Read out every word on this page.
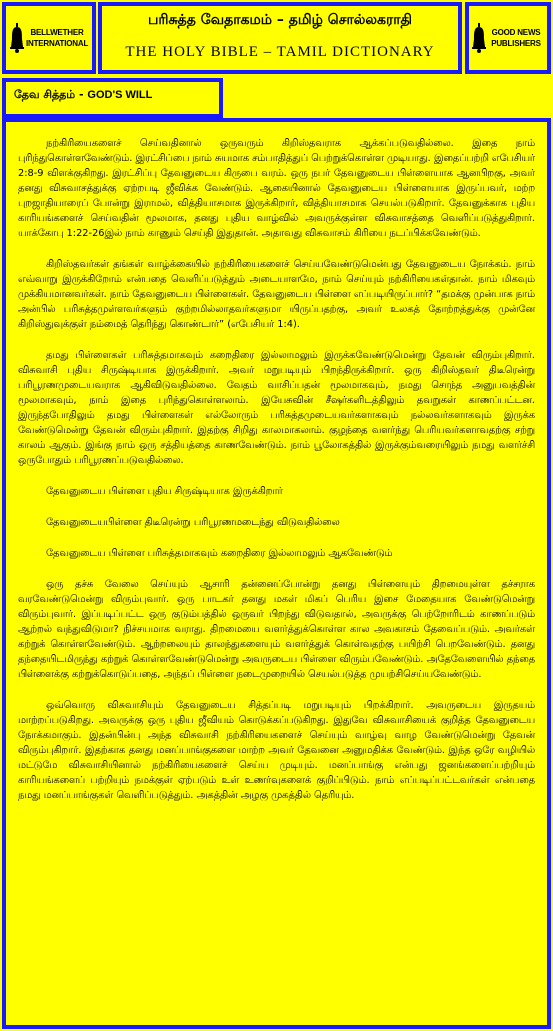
BELLWETHER INTERNATIONAL
பரிசுத்த வேதாகமம் – தமிழ் சொல்லகராதி
THE HOLY BIBLE – TAMIL DICTIONARY
GOOD NEWS PUBLISHERS
தேவ சித்தம் - GOD'S WILL

நற்கிரியைகளைச் செய்வதினால் ஒருவரும் கிறிஸ்தவராக ஆக்கப்படுவதில்லை. இதை நாம் புரிந்துகொள்ளவேண்டும். இரட்சிப்பை நாம் சுயமாக சம்பாதித்துப் பெற்றுக்கொள்ள முடியாது. இதைப்பற்றி எபேசியர் 2:8-9 விளக்குகிறது. இரட்சிப்பு தேவனுடைய கிருபை வரம். ஒரு நபர் தேவனுடைய பிள்ளையாக ஆனபிறகு, அவர் தனது விசுவாசத்துக்கு ஏற்றபடி ஜீவிக்க வேண்டும். ஆகையினால் தேவனுடைய பிள்ளையாக இருப்பவர், மற்ற புறஜாதியாரைப் போன்று இராமல், வித்தியாசமாக இருக்கிறார், வித்தியாசமாக செயல்படுகிறார். தேவனுக்காக புதிய காரியங்களைச் செய்வதின் மூலமாக, தனது புதிய வாழ்வில் அவருக்குள்ள விசுவாசத்தை வெளிப்படுத்துகிறார். யாக்கோபு 1:22-26இல் நாம் காணும் செய்தி இதுதான். அதாவது விசுவாசம் கிரியை நடப்பிக்கவேண்டும்.

கிறிஸ்தவர்கள் தங்கள் வாழ்க்கையில் நற்கிரியைகளைச் செய்யவேண்டுமென்பது தேவனுடைய நோக்கம். நாம் எவ்வாறு இருக்கிறோம் என்பதை வெளிப்படுத்தும் அடையாளமே, நாம் செய்யும் நற்கிரியைகள்தான். நாம் மிகவும் முக்கியமானவர்கள். நாம் தேவனுடைய பிள்ளைகள். தேவனுடைய பிள்ளை எப்படியிருப்பார்? “தமக்கு முன்பாக நாம் அன்பில் பரிசுத்தமுள்ளவர்களும் குற்றமில்லாதவர்களுமா யிருப்பதற்கு, அவர் உலகத் தோற்றத்துக்கு முன்னே கிறிஸ்துவுக்குள் நம்மைத் தெரிந்து கொண்டார்” (எபேசியர் 1:4).

தமது பிள்ளைகள் பரிசுத்தமாகவும் கறைதிரை இல்லாமலும் இருக்கவேண்டுமென்று தேவன் விரும்புகிறார். விசுவாசி புதிய சிருஷ்டியாக இருக்கிறார். அவர் மறுபடியும் பிறந்திருக்கிறார். ஒரு கிறிஸ்தவர் திடீரென்று பரிபூரணமுடையவராக ஆகிவிடுவதில்லை. வேதம் வாசிப்பதன் மூலமாகவும், நமது சொந்த அனுபவத்தின் மூலமாகவும், நாம் இதை புரிந்துகொள்ளலாம். இயேசுவின் சீஷர்களிடத்திலும் தவறுகள் காணப்பட்டன. இருந்தபோதிலும் தமது பிள்ளைகள் எல்லோரும் பரிசுத்தமுடையவர்களாகவும் நல்லவர்களாகவும் இருக்க வேண்டுமென்று தேவன் விரும்புகிறார். இதற்கு சிறிது காலமாகலாம். குழந்தை வளர்ந்து பெரியவர்களாவதற்கு சற்று காலம் ஆகும். இங்கு நாம் ஒரு சத்தியத்தை காணவேண்டும். நாம் பூலோகத்தில் இருக்கும்வரையிலும் நமது வளர்ச்சி ஒருபோதும் பரிபூரணப்படுவதில்லை.

தேவனுடைய பிள்ளை புதிய சிருஷ்டியாக இருக்கிறார்

தேவனுடையபிள்ளை திடீரென்று பரிபூரணமடைந்து விடுவதில்லை

தேவனுடைய பிள்ளை பரிசுத்தமாகவும் கறைதிரை இல்லாமலும் ஆகவேண்டும்

ஒரு தச்சு வேலை செய்யும் ஆசாரி தன்னைப்போன்று தனது பிள்ளையும் திறமையுள்ள தச்சராக வரவேண்டுமென்று விரும்புவார். ஒரு பாடகர் தனது மகள் மிகப் பெரிய இசை மேதையாக வேண்டுமென்று விரும்புவார். இப்படிப்பட்ட ஒரு குடும்பத்தில் ஒருவர் பிறந்து விடுவதால், அவருக்கு பெற்றோரிடம் காணப்படும் ஆற்றல் வந்துவிடுமா? நிச்சயமாக வராது. திறமையை வளர்த்துக்கொள்ள கால அவகாசம் தேவைப்படும். அவர்கள் கற்றுக் கொள்ளவேண்டும். ஆற்றலையும் தாலந்துகளையும் வளர்த்துக் கொள்வதற்கு பயிற்சி பெறவேண்டும். தனது தந்தையிடமிருந்து கற்றுக் கொள்ளவேண்டுமென்று அவருடைய பிள்ளை விரும்பவேண்டும். அதேவேளையில் தந்தை பிள்ளைக்கு கற்றுக்கொடுப்பதை, அந்தப் பிள்ளை நடைமுறையில் செயல்படுத்த முயற்சிசெய்யவேண்டும்.

ஒவ்வொரு விசுவாசியும் தேவனுடைய சித்தப்படி மறுபடியும் பிறக்கிறார். அவருடைய இருதயம் மாற்றப்படுகிறது. அவருக்கு ஒரு புதிய ஜீவியம் கொடுக்கப்படுகிறது. இதுவே விசுவாசியைக் குறித்த தேவனுடைய நோக்கமாகும். இதன்பின்பு அந்த விசுவாசி நற்கிரியைகளைச் செய்யும் வாழ்வு வாழ வேண்டுமென்று தேவன் விரும்புகிறார். இதற்காக தனது மனப்பாங்குகளை மாற்ற அவர் தேவனை அனுமதிக்க வேண்டும். இந்த ஒரே வழியில் மட்டுமே விசுவாசியினால் நற்கிரியைகளைச் செய்ய முடியும். மனப்பாங்கு என்பது ஜனங்களைப்பற்றியும் காரியங்களைப் பற்றியும் நமக்குள் ஏற்படும் உள் உணர்வுகளைக் குறிப்பிடும். நாம் எப்படிப்பட்டவர்கள் என்பதை நமது மனப்பாங்குகள் வெளிப்படுத்தும். அகத்தின் அழகு முகத்தில் தெரியும்.
